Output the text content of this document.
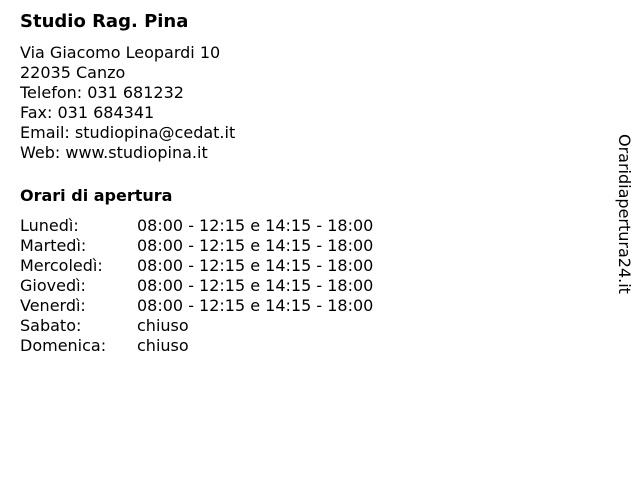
Studio Rag. Pina
Via Giacomo Leopardi 10
22035 Canzo
Telefon: 031 681232
Fax: 031 684341
Email: studiopina@cedat.it
Web: www.studiopina.it
Orari di apertura
Lunedì:	08:00 - 12:15 e 14:15 - 18:00
Martedì:	08:00 - 12:15 e 14:15 - 18:00
Mercoledì:	08:00 - 12:15 e 14:15 - 18:00
Giovedì:	08:00 - 12:15 e 14:15 - 18:00
Venerdì:	08:00 - 12:15 e 14:15 - 18:00
Sabato:	chiuso
Domenica:	chiuso
Oraridiapertura24.it
